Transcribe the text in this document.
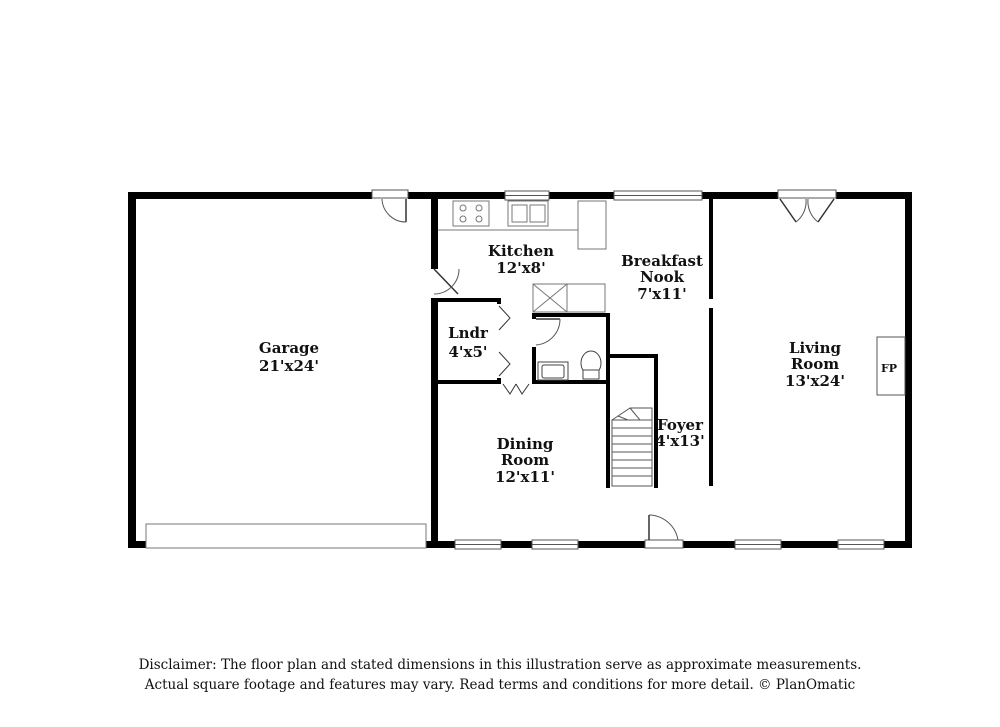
FP
Garage
21'x24'
Kitchen
12'x8'	Breakfast
Nook
7'x11'
Living
Room
13'x24'
Lndr
4'x5'
Dining
Room
12'x11'
Foyer
4'x13'
Disclaimer: The floor plan and stated dimensions in this illustration serve as approximate measurements.
Actual square footage and features may vary. Read terms and conditions for more detail. © PlanOmatic
